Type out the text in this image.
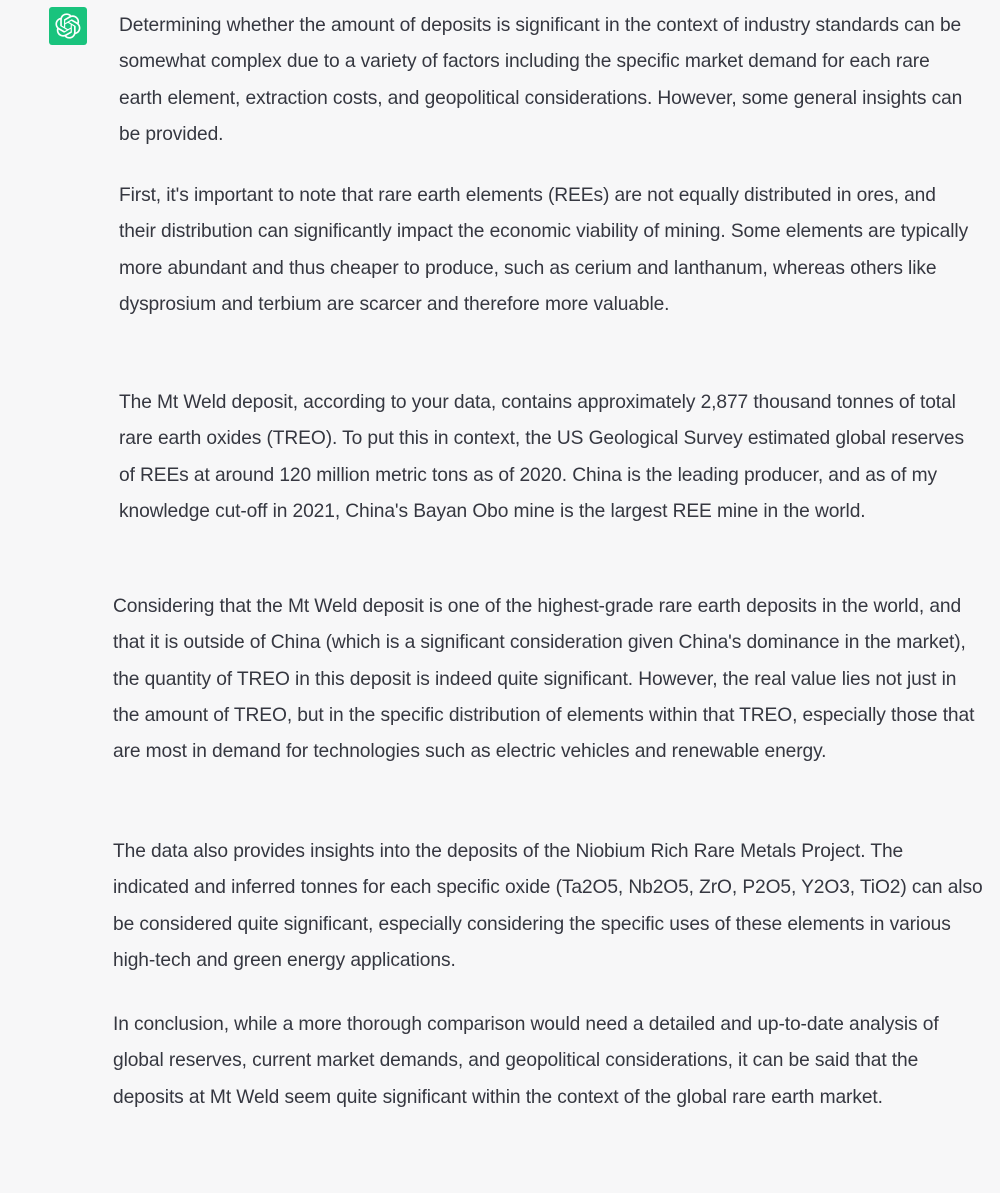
Determining whether the amount of deposits is significant in the context of industry standards can be somewhat complex due to a variety of factors including the specific market demand for each rare earth element, extraction costs, and geopolitical considerations. However, some general insights can be provided.

First, it's important to note that rare earth elements (REEs) are not equally distributed in ores, and their distribution can significantly impact the economic viability of mining. Some elements are typically more abundant and thus cheaper to produce, such as cerium and lanthanum, whereas others like dysprosium and terbium are scarcer and therefore more valuable.

The Mt Weld deposit, according to your data, contains approximately 2,877 thousand tonnes of total rare earth oxides (TREO). To put this in context, the US Geological Survey estimated global reserves of REEs at around 120 million metric tons as of 2020. China is the leading producer, and as of my knowledge cut-off in 2021, China's Bayan Obo mine is the largest REE mine in the world.

Considering that the Mt Weld deposit is one of the highest-grade rare earth deposits in the world, and that it is outside of China (which is a significant consideration given China's dominance in the market), the quantity of TREO in this deposit is indeed quite significant. However, the real value lies not just in the amount of TREO, but in the specific distribution of elements within that TREO, especially those that are most in demand for technologies such as electric vehicles and renewable energy.

The data also provides insights into the deposits of the Niobium Rich Rare Metals Project. The indicated and inferred tonnes for each specific oxide (Ta2O5, Nb2O5, ZrO, P2O5, Y2O3, TiO2) can also be considered quite significant, especially considering the specific uses of these elements in various high-tech and green energy applications.

In conclusion, while a more thorough comparison would need a detailed and up-to-date analysis of global reserves, current market demands, and geopolitical considerations, it can be said that the deposits at Mt Weld seem quite significant within the context of the global rare earth market.
